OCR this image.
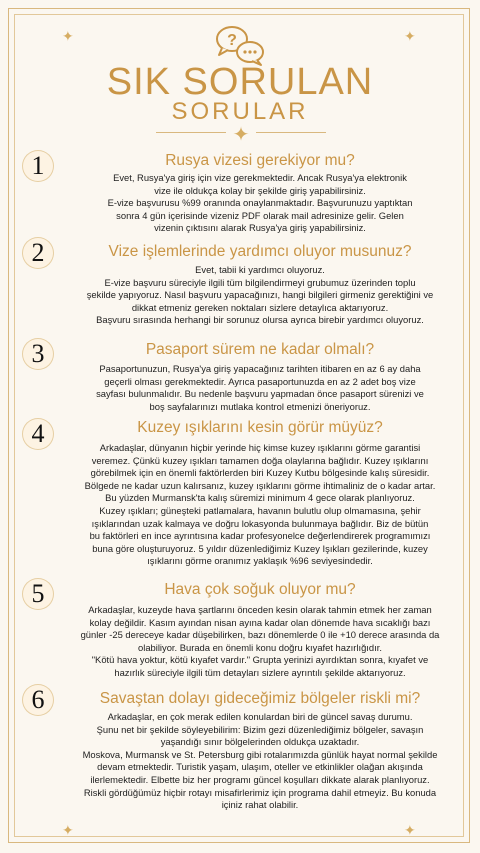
✦	✦
✦	✦
?
SIK SORULAN
SORULAR
✦
1	Rusya vizesi gerekiyor mu?
Evet, Rusya'ya giriş için vize gerekmektedir. Ancak Rusya'ya elektronik
vize ile oldukça kolay bir şekilde giriş yapabilirsiniz.
E-vize başvurusu %99 oranında onaylanmaktadır. Başvurunuzu yaptıktan
sonra 4 gün içerisinde vizeniz PDF olarak mail adresinize gelir. Gelen
vizenin çıktısını alarak Rusya'ya giriş yapabilirsiniz.
2	Vize işlemlerinde yardımcı oluyor musunuz?
Evet, tabii ki yardımcı oluyoruz.
E-vize başvuru süreciyle ilgili tüm bilgilendirmeyi grubumuz üzerinden toplu
şekilde yapıyoruz. Nasıl başvuru yapacağınızı, hangi bilgileri girmeniz gerektiğini ve
dikkat etmeniz gereken noktaları sizlere detaylıca aktarıyoruz.
Başvuru sırasında herhangi bir sorunuz olursa ayrıca birebir yardımcı oluyoruz.
3	Pasaport sürem ne kadar olmalı?
Pasaportunuzun, Rusya'ya giriş yapacağınız tarihten itibaren en az 6 ay daha
geçerli olması gerekmektedir. Ayrıca pasaportunuzda en az 2 adet boş vize
sayfası bulunmalıdır. Bu nedenle başvuru yapmadan önce pasaport sürenizi ve
boş sayfalarınızı mutlaka kontrol etmenizi öneriyoruz.
4	Kuzey ışıklarını kesin görür müyüz?
Arkadaşlar, dünyanın hiçbir yerinde hiç kimse kuzey ışıklarını görme garantisi
veremez. Çünkü kuzey ışıkları tamamen doğa olaylarına bağlıdır. Kuzey ışıklarını
görebilmek için en önemli faktörlerden biri Kuzey Kutbu bölgesinde kalış süresidir.
Bölgede ne kadar uzun kalırsanız, kuzey ışıklarını görme ihtimaliniz de o kadar artar.
Bu yüzden Murmansk'ta kalış süremizi minimum 4 gece olarak planlıyoruz.
Kuzey ışıkları; güneşteki patlamalara, havanın bulutlu olup olmamasına, şehir
ışıklarından uzak kalmaya ve doğru lokasyonda bulunmaya bağlıdır. Biz de bütün
bu faktörleri en ince ayrıntısına kadar profesyonelce değerlendirerek programımızı
buna göre oluşturuyoruz. 5 yıldır düzenlediğimiz Kuzey Işıkları gezilerinde, kuzey
ışıklarını görme oranımız yaklaşık %96 seviyesindedir.
5	Hava çok soğuk oluyor mu?
Arkadaşlar, kuzeyde hava şartlarını önceden kesin olarak tahmin etmek her zaman
kolay değildir. Kasım ayından nisan ayına kadar olan dönemde hava sıcaklığı bazı
günler -25 dereceye kadar düşebilirken, bazı dönemlerde 0 ile +10 derece arasında da
olabiliyor. Burada en önemli konu doğru kıyafet hazırlığıdır.
"Kötü hava yoktur, kötü kıyafet vardır." Grupta yerinizi ayırdıktan sonra, kıyafet ve
hazırlık süreciyle ilgili tüm detayları sizlere ayrıntılı şekilde aktarıyoruz.
6	Savaştan dolayı gideceğimiz bölgeler riskli mi?
Arkadaşlar, en çok merak edilen konulardan biri de güncel savaş durumu.
Şunu net bir şekilde söyleyebilirim: Bizim gezi düzenlediğimiz bölgeler, savaşın
yaşandığı sınır bölgelerinden oldukça uzaktadır.
Moskova, Murmansk ve St. Petersburg gibi rotalarımızda günlük hayat normal şekilde
devam etmektedir. Turistik yaşam, ulaşım, oteller ve etkinlikler olağan akışında
ilerlemektedir. Elbette biz her programı güncel koşulları dikkate alarak planlıyoruz.
Riskli gördüğümüz hiçbir rotayı misafirlerimiz için programa dahil etmeyiz. Bu konuda
içiniz rahat olabilir.
